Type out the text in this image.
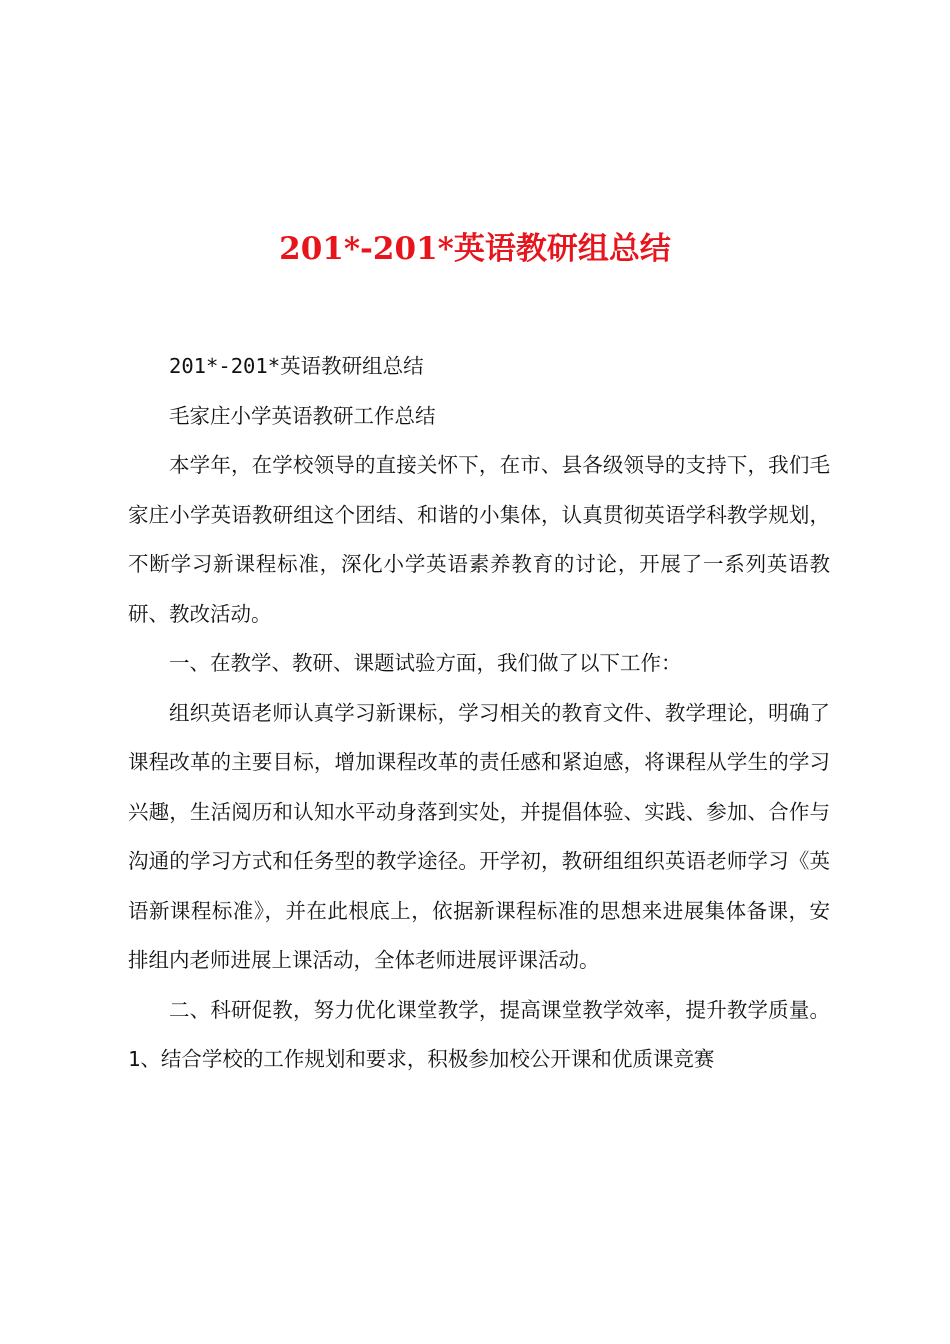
201*-201*英语教研组总结

201*-201*英语教研组总结

毛家庄小学英语教研工作总结

本学年，在学校领导的直接关怀下，在市、县各级领导的支持下，我们毛家庄小学英语教研组这个团结、和谐的小集体，认真贯彻英语学科教学规划，不断学习新课程标准，深化小学英语素养教育的讨论，开展了一系列英语教研、教改活动。

一、在教学、教研、课题试验方面，我们做了以下工作：

组织英语老师认真学习新课标，学习相关的教育文件、教学理论，明确了课程改革的主要目标，增加课程改革的责任感和紧迫感，将课程从学生的学习兴趣，生活阅历和认知水平动身落到实处，并提倡体验、实践、参加、合作与沟通的学习方式和任务型的教学途径。开学初，教研组组织英语老师学习《英语新课程标准》，并在此根底上，依据新课程标准的思想来进展集体备课，安排组内老师进展上课活动，全体老师进展评课活动。

二、科研促教，努力优化课堂教学，提高课堂教学效率，提升教学质量。1、结合学校的工作规划和要求，积极参加校公开课和优质课竞赛
